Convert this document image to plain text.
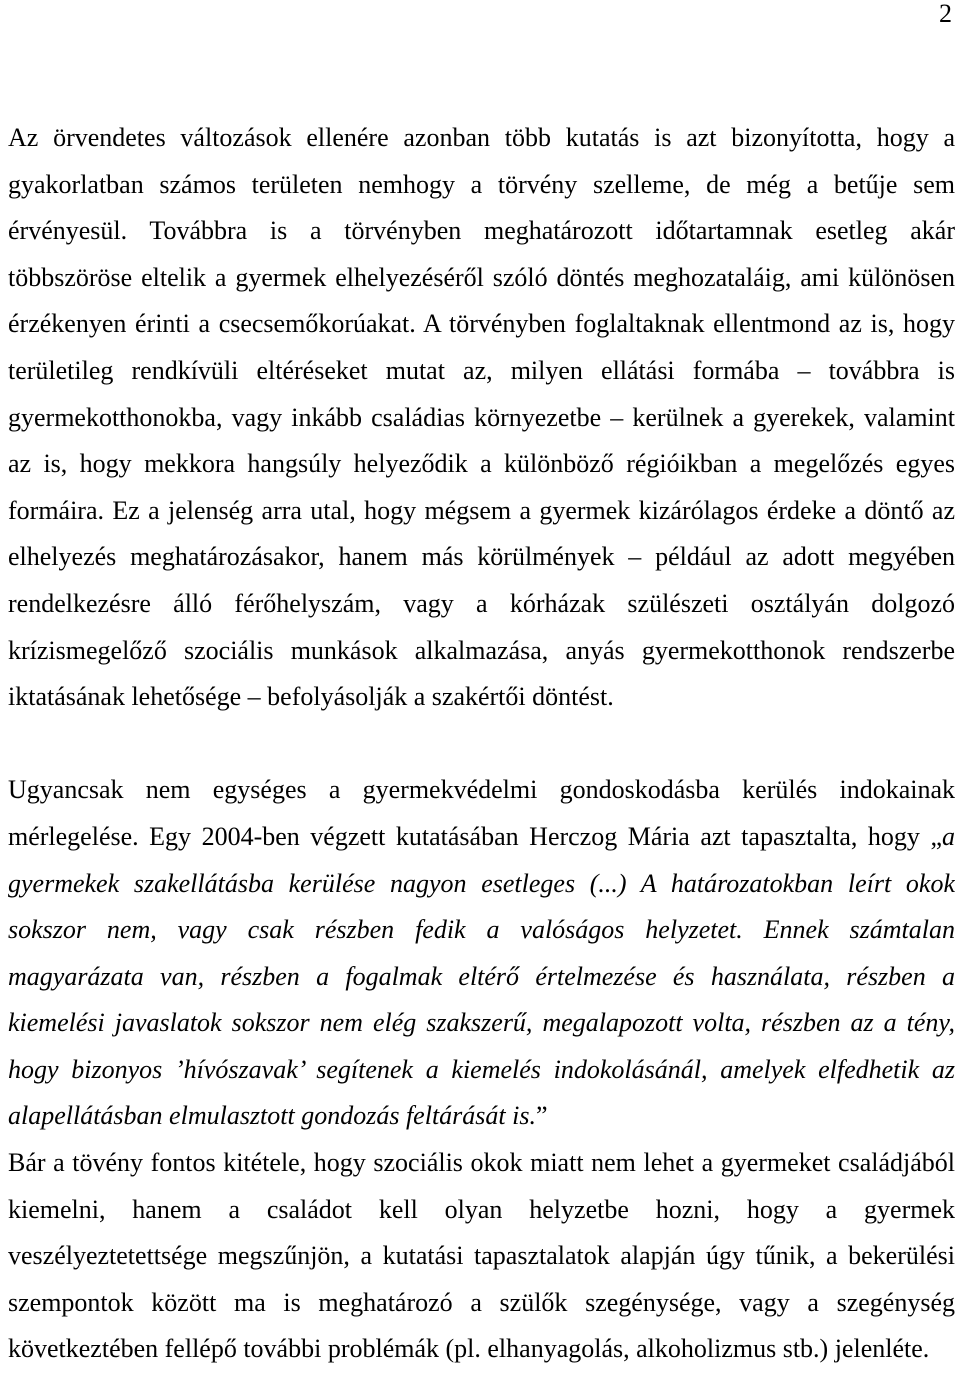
2
Az örvendetes változások ellenére azonban több kutatás is azt bizonyította, hogy a
gyakorlatban számos területen nemhogy a törvény szelleme, de még a betűje sem
érvényesül. Továbbra is a törvényben meghatározott időtartamnak esetleg akár
többszöröse eltelik a gyermek elhelyezéséről szóló döntés meghozataláig, ami különösen
érzékenyen érinti a csecsemőkorúakat. A törvényben foglaltaknak ellentmond az is, hogy
területileg rendkívüli eltéréseket mutat az, milyen ellátási formába – továbbra is
gyermekotthonokba, vagy inkább családias környezetbe – kerülnek a gyerekek, valamint
az is, hogy mekkora hangsúly helyeződik a különböző régióikban a megelőzés egyes
formáira. Ez a jelenség arra utal, hogy mégsem a gyermek kizárólagos érdeke a döntő az
elhelyezés meghatározásakor, hanem más körülmények – például az adott megyében
rendelkezésre álló férőhelyszám, vagy a kórházak szülészeti osztályán dolgozó
krízismegelőző szociális munkások alkalmazása, anyás gyermekotthonok rendszerbe
iktatásának lehetősége – befolyásolják a szakértői döntést.
Ugyancsak nem egységes a gyermekvédelmi gondoskodásba kerülés indokainak
mérlegelése. Egy 2004-ben végzett kutatásában Herczog Mária azt tapasztalta, hogy „a
gyermekek szakellátásba kerülése nagyon esetleges (...) A határozatokban leírt okok
sokszor nem, vagy csak részben fedik a valóságos helyzetet. Ennek számtalan
magyarázata van, részben a fogalmak eltérő értelmezése és használata, részben a
kiemelési javaslatok sokszor nem elég szakszerű, megalapozott volta, részben az a tény,
hogy bizonyos ’hívószavak’ segítenek a kiemelés indokolásánál, amelyek elfedhetik az
alapellátásban elmulasztott gondozás feltárását is.”
Bár a tövény fontos kitétele, hogy szociális okok miatt nem lehet a gyermeket családjából
kiemelni, hanem a családot kell olyan helyzetbe hozni, hogy a gyermek
veszélyeztetettsége megszűnjön, a kutatási tapasztalatok alapján úgy tűnik, a bekerülési
szempontok között ma is meghatározó a szülők szegénysége, vagy a szegénység
következtében fellépő további problémák (pl. elhanyagolás, alkoholizmus stb.) jelenléte.
